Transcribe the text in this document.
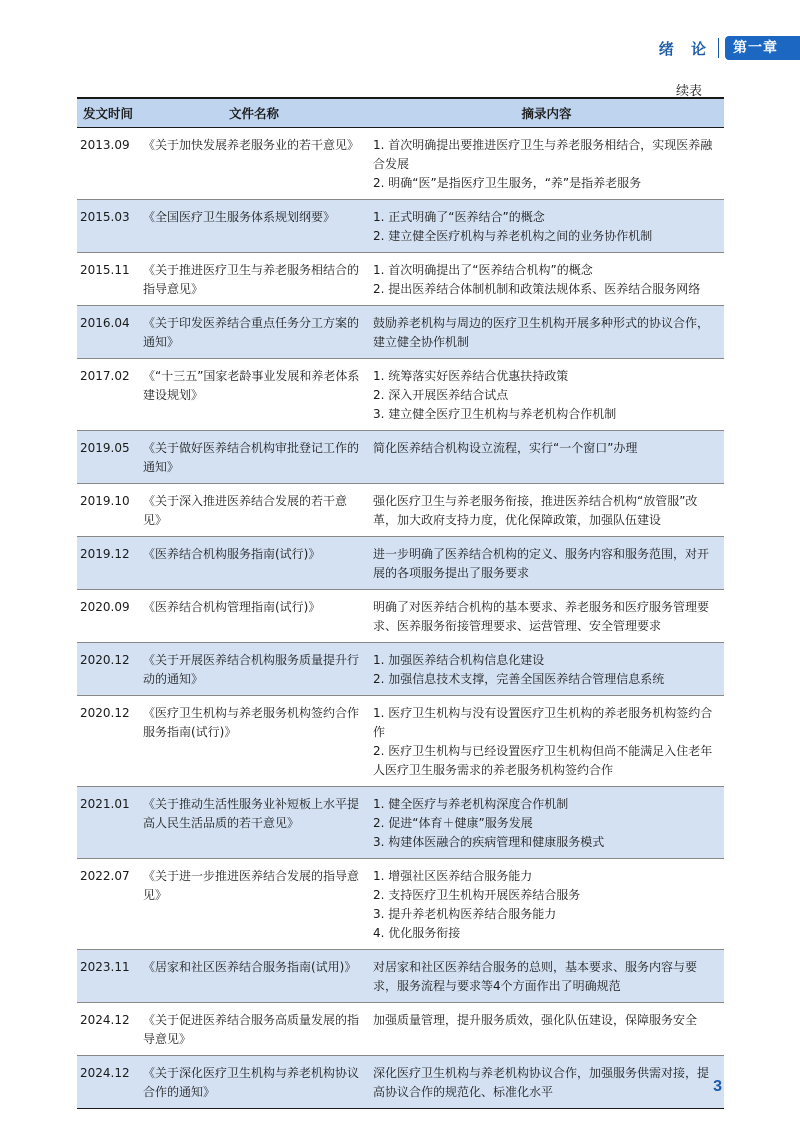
绪 论	第一章
续表
发文时间	文件名称	摘录内容
2013.09	《关于加快发展养老服务业的若干意见》	1. 首次明确提出要推进医疗卫生与养老服务相结合，实现医养融合发展
2. 明确“医”是指医疗卫生服务，“养”是指养老服务

2015.03	《全国医疗卫生服务体系规划纲要》	1. 正式明确了“医养结合”的概念
2. 建立健全医疗机构与养老机构之间的业务协作机制

2015.11	《关于推进医疗卫生与养老服务相结合的指导意见》	1. 首次明确提出了“医养结合机构”的概念
2. 提出医养结合体制机制和政策法规体系、医养结合服务网络

2016.04	《关于印发医养结合重点任务分工方案的通知》	鼓励养老机构与周边的医疗卫生机构开展多种形式的协议合作，建立健全协作机制

2017.02	《“十三五”国家老龄事业发展和养老体系建设规划》	1. 统筹落实好医养结合优惠扶持政策
2. 深入开展医养结合试点
3. 建立健全医疗卫生机构与养老机构合作机制

2019.05	《关于做好医养结合机构审批登记工作的通知》	简化医养结合机构设立流程，实行“一个窗口”办理

2019.10	《关于深入推进医养结合发展的若干意见》	强化医疗卫生与养老服务衔接，推进医养结合机构“放管服”改革，加大政府支持力度，优化保障政策，加强队伍建设

2019.12	《医养结合机构服务指南(试行)》	进一步明确了医养结合机构的定义、服务内容和服务范围，对开展的各项服务提出了服务要求

2020.09	《医养结合机构管理指南(试行)》	明确了对医养结合机构的基本要求、养老服务和医疗服务管理要求、医养服务衔接管理要求、运营管理、安全管理要求

2020.12	《关于开展医养结合机构服务质量提升行动的通知》	1. 加强医养结合机构信息化建设
2. 加强信息技术支撑，完善全国医养结合管理信息系统

2020.12	《医疗卫生机构与养老服务机构签约合作服务指南(试行)》	1. 医疗卫生机构与没有设置医疗卫生机构的养老服务机构签约合作
2. 医疗卫生机构与已经设置医疗卫生机构但尚不能满足入住老年人医疗卫生服务需求的养老服务机构签约合作

2021.01	《关于推动生活性服务业补短板上水平提高人民生活品质的若干意见》	1. 健全医疗与养老机构深度合作机制
2. 促进“体育＋健康”服务发展
3. 构建体医融合的疾病管理和健康服务模式

2022.07	《关于进一步推进医养结合发展的指导意见》	1. 增强社区医养结合服务能力
2. 支持医疗卫生机构开展医养结合服务
3. 提升养老机构医养结合服务能力
4. 优化服务衔接

2023.11	《居家和社区医养结合服务指南(试用)》	对居家和社区医养结合服务的总则，基本要求、服务内容与要求，服务流程与要求等4个方面作出了明确规范

2024.12	《关于促进医养结合服务高质量发展的指导意见》	加强质量管理，提升服务质效，强化队伍建设，保障服务安全

2024.12	《关于深化医疗卫生机构与养老机构协议合作的通知》	深化医疗卫生机构与养老机构协议合作，加强服务供需对接，提高协议合作的规范化、标准化水平	3
